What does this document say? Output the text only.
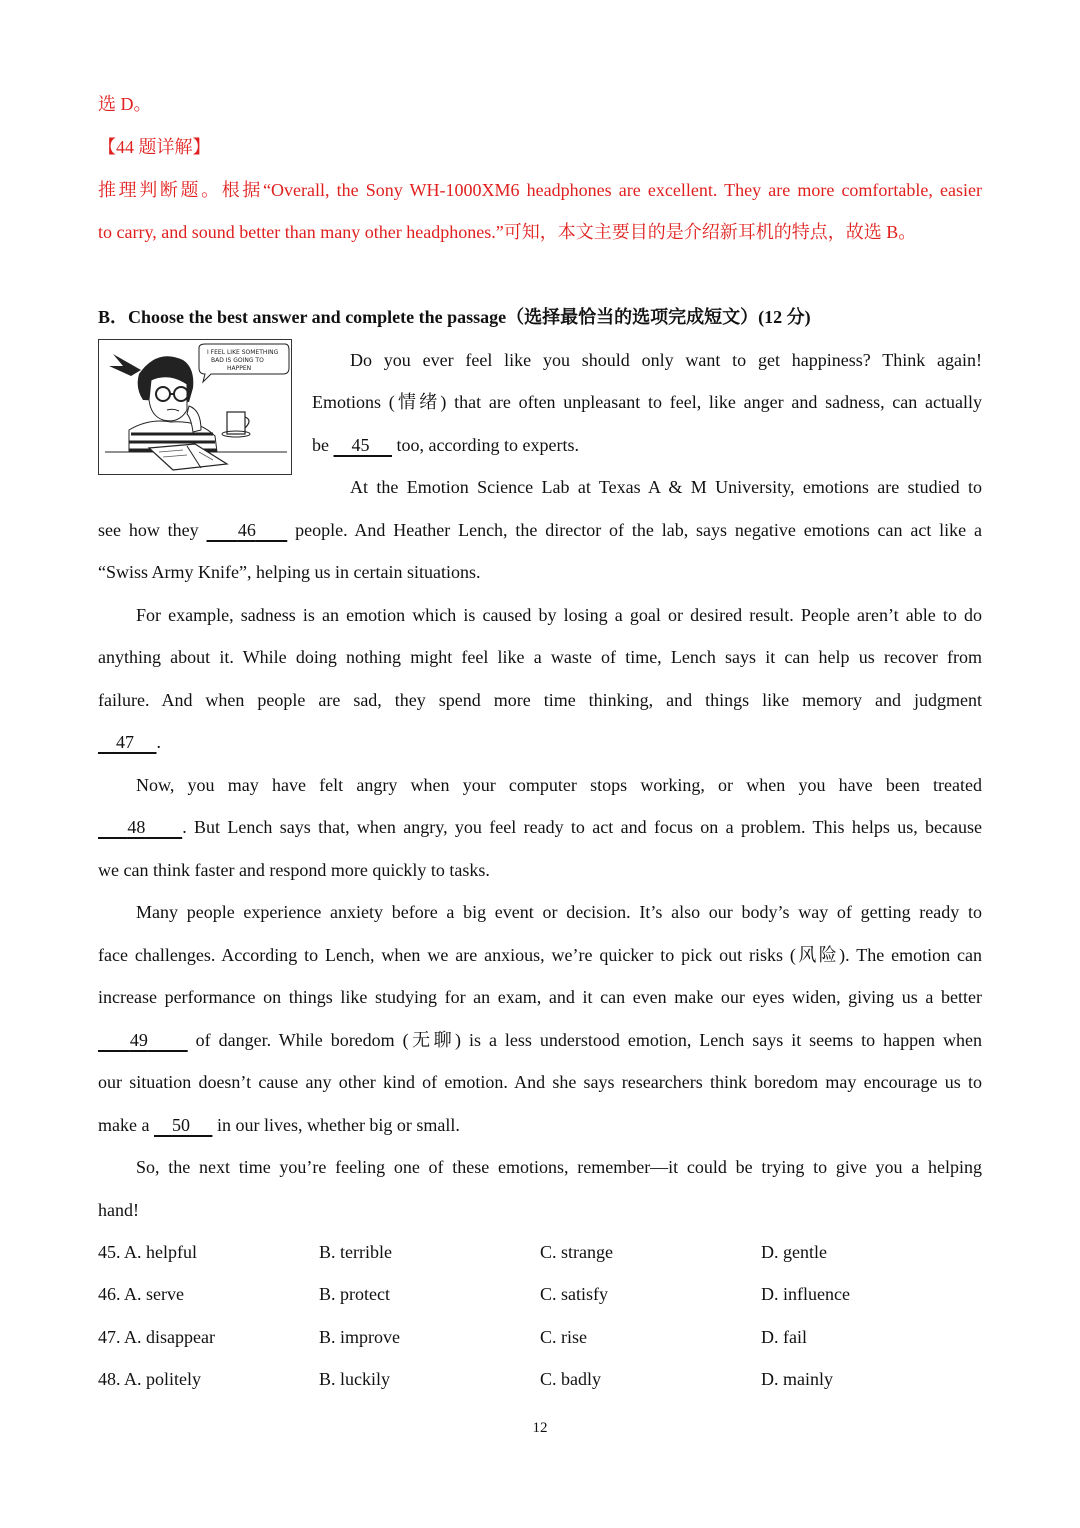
选 D。
【44 题详解】
推理判断题。根据“Overall, the Sony WH-1000XM6 headphones are excellent. They are more comfortable, easier
to carry, and sound better than many other headphones.”可知，本文主要目的是介绍新耳机的特点，故选 B。
B．Choose the best answer and complete the passage（选择最恰当的选项完成短文）(12 分)
I FEEL LIKE SOMETHING
BAD IS GOING TO
HAPPEN	Do you ever feel like you should only want to get happiness? Think again!
Emotions (情绪) that are often unpleasant to feel, like anger and sadness, can actually
be     45      too, according to experts.
At the Emotion Science Lab at Texas A & M University, emotions are studied to
see how they     46     people. And Heather Lench, the director of the lab, says negative emotions can act like a
“Swiss Army Knife”, helping us in certain situations.
For example, sadness is an emotion which is caused by losing a goal or desired result. People aren’t able to do
anything about it. While doing nothing might feel like a waste of time, Lench says it can help us recover from
failure. And when people are sad, they spend more time thinking, and things like memory and judgment
47 .
Now, you may have felt angry when your computer stops working, or when you have been treated
48 . But Lench says that, when angry, you feel ready to act and focus on a problem. This helps us, because
we can think faster and respond more quickly to tasks.
Many people experience anxiety before a big event or decision. It’s also our body’s way of getting ready to
face challenges. According to Lench, when we are anxious, we’re quicker to pick out risks (风险). The emotion can
increase performance on things like studying for an exam, and it can even make our eyes widen, giving us a better
49      of danger. While boredom (无聊) is a less understood emotion, Lench says it seems to happen when
our situation doesn’t cause any other kind of emotion. And she says researchers think boredom may encourage us to
make a     50      in our lives, whether big or small.
So, the next time you’re feeling one of these emotions, remember—it could be trying to give you a helping
hand!
45. A. helpful	B. terrible	C. strange	D. gentle
46. A. serve	B. protect	C. satisfy	D. influence
47. A. disappear	B. improve	C. rise	D. fail
48. A. politely	B. luckily	C. badly	D. mainly
12
